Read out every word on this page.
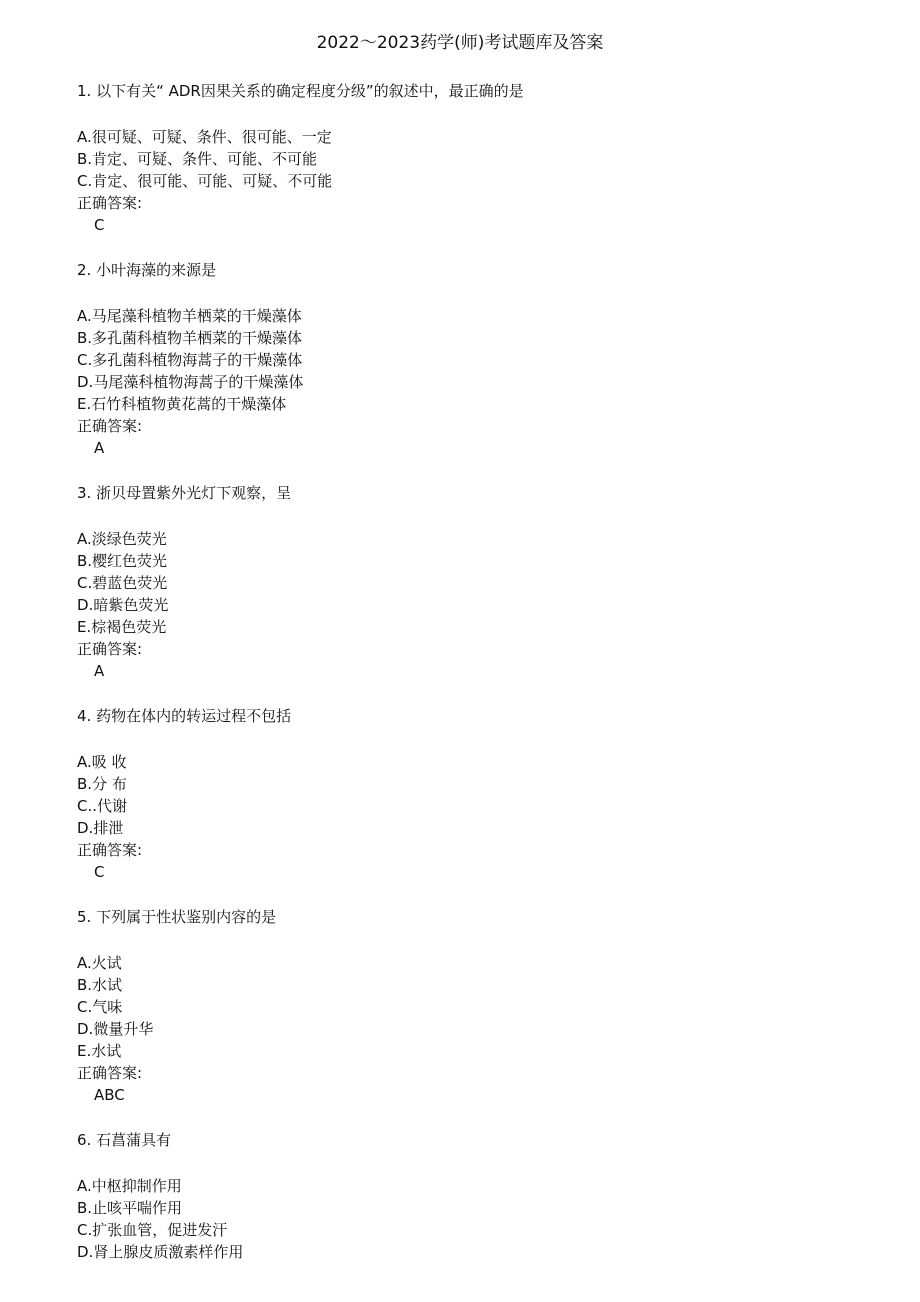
2022～2023药学(师)考试题库及答案
1. 以下有关“ ADR因果关系的确定程度分级”的叙述中，最正确的是
A.很可疑、可疑、条件、很可能、一定
B.肯定、可疑、条件、可能、不可能
C.肯定、很可能、可能、可疑、不可能
正确答案:
C
2. 小叶海藻的来源是
A.马尾藻科植物羊栖菜的干燥藻体
B.多孔菌科植物羊栖菜的干燥藻体
C.多孔菌科植物海蒿子的干燥藻体
D.马尾藻科植物海蒿子的干燥藻体
E.石竹科植物黄花蒿的干燥藻体
正确答案:
A
3. 浙贝母置紫外光灯下观察，呈
A.淡绿色荧光
B.樱红色荧光
C.碧蓝色荧光
D.暗紫色荧光
E.棕褐色荧光
正确答案:
A
4. 药物在体内的转运过程不包括
A.吸 收
B.分 布
C..代谢
D.排泄
正确答案:
C
5. 下列属于性状鉴别内容的是
A.火试
B.水试
C.气味
D.微量升华
E.水试
正确答案:
ABC
6. 石菖蒲具有
A.中枢抑制作用
B.止咳平喘作用
C.扩张血管，促进发汗
D.肾上腺皮质激素样作用
